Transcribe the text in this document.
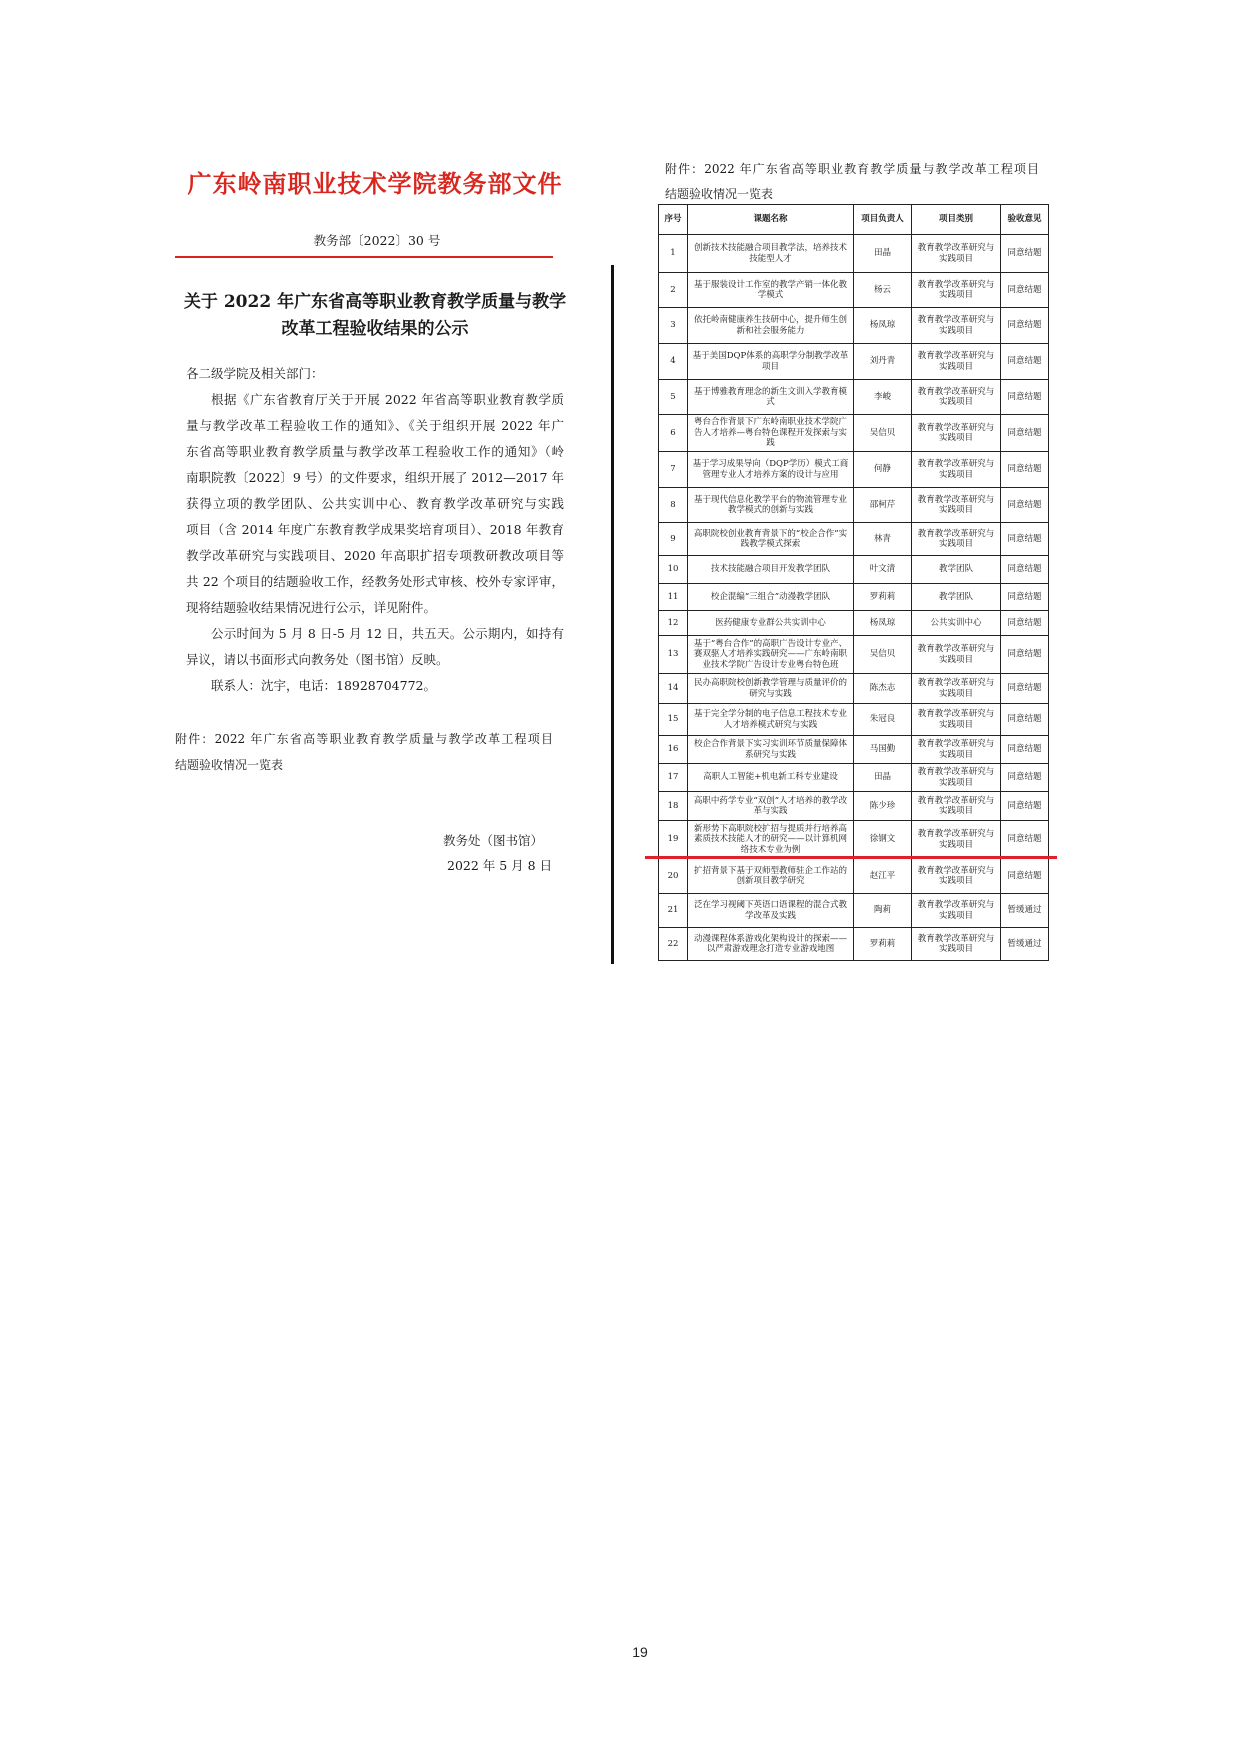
广东岭南职业技术学院教务部文件
教务部〔2022〕30 号
关于 2022 年广东省高等职业教育教学质量与教学
改革工程验收结果的公示
各二级学院及相关部门：
根据《广东省教育厅关于开展 2022 年省高等职业教育教学质
量与教学改革工程验收工作的通知》、《关于组织开展 2022 年广
东省高等职业教育教学质量与教学改革工程验收工作的通知》（岭
南职院教〔2022〕9 号）的文件要求，组织开展了 2012—2017 年
获得立项的教学团队、公共实训中心、教育教学改革研究与实践
项目（含 2014 年度广东教育教学成果奖培育项目）、2018 年教育
教学改革研究与实践项目、2020 年高职扩招专项教研教改项目等
共 22 个项目的结题验收工作，经教务处形式审核、校外专家评审，
现将结题验收结果情况进行公示，详见附件。
公示时间为 5 月 8 日-5 月 12 日，共五天。公示期内，如持有
异议，请以书面形式向教务处（图书馆）反映。
联系人：沈宇，电话：18928704772。
附件：2022 年广东省高等职业教育教学质量与教学改革工程项目
结题验收情况一览表
教务处（图书馆）
2022 年 5 月 8 日
附件：2022 年广东省高等职业教育教学质量与教学改革工程项目
结题验收情况一览表
序号	课题名称	项目负责人	项目类别	验收意见
1	创新技术技能融合项目教学法，培养技术技能型人才	田晶	教育教学改革研究与实践项目	同意结题
2	基于服装设计工作室的教学产销一体化教学模式	杨云	教育教学改革研究与实践项目	同意结题
3	依托岭南健康养生技研中心，提升师生创新和社会服务能力	杨凤琼	教育教学改革研究与实践项目	同意结题
4	基于美国DQP体系的高职学分制教学改革项目	刘丹青	教育教学改革研究与实践项目	同意结题
5	基于博雅教育理念的新生文训入学教育模式	李峻	教育教学改革研究与实践项目	同意结题
6	粤台合作背景下广东岭南职业技术学院广告人才培养—粤台特色课程开发探索与实践	吴信贝	教育教学改革研究与实践项目	同意结题
7	基于学习成果导向（DQP学历）模式工商管理专业人才培养方案的设计与应用	何静	教育教学改革研究与实践项目	同意结题
8	基于现代信息化教学平台的物流管理专业教学模式的创新与实践	邵柯芹	教育教学改革研究与实践项目	同意结题
9	高职院校创业教育背景下的“校企合作”实践教学模式探索	林青	教育教学改革研究与实践项目	同意结题
10	技术技能融合项目开发教学团队	叶文清	教学团队	同意结题
11	校企混编“三组合”动漫教学团队	罗莉莉	教学团队	同意结题
12	医药健康专业群公共实训中心	杨凤琼	公共实训中心	同意结题
13	基于“粤台合作”的高职广告设计专业产、赛双驱人才培养实践研究——广东岭南职业技术学院广告设计专业粤台特色班	吴信贝	教育教学改革研究与实践项目	同意结题
14	民办高职院校创新教学管理与质量评价的研究与实践	陈杰志	教育教学改革研究与实践项目	同意结题
15	基于完全学分制的电子信息工程技术专业人才培养模式研究与实践	朱冠良	教育教学改革研究与实践项目	同意结题
16	校企合作背景下实习实训环节质量保障体系研究与实践	马国勤	教育教学改革研究与实践项目	同意结题
17	高职人工智能+机电新工科专业建设	田晶	教育教学改革研究与实践项目	同意结题
18	高职中药学专业“双创”人才培养的教学改革与实践	陈少珍	教育教学改革研究与实践项目	同意结题
19	新形势下高职院校扩招与提质并行培养高素质技术技能人才的研究——以计算机网络技术专业为例	徐钢文	教育教学改革研究与实践项目	同意结题
20	扩招背景下基于双师型教师驻企工作站的创新项目教学研究	赵江平	教育教学改革研究与实践项目	同意结题
21	泛在学习视阈下英语口语课程的混合式教学改革及实践	陶莉	教育教学改革研究与实践项目	暂缓通过
22	动漫课程体系游戏化架构设计的探索——以严肃游戏理念打造专业游戏地图	罗莉莉	教育教学改革研究与实践项目	暂缓通过
19
